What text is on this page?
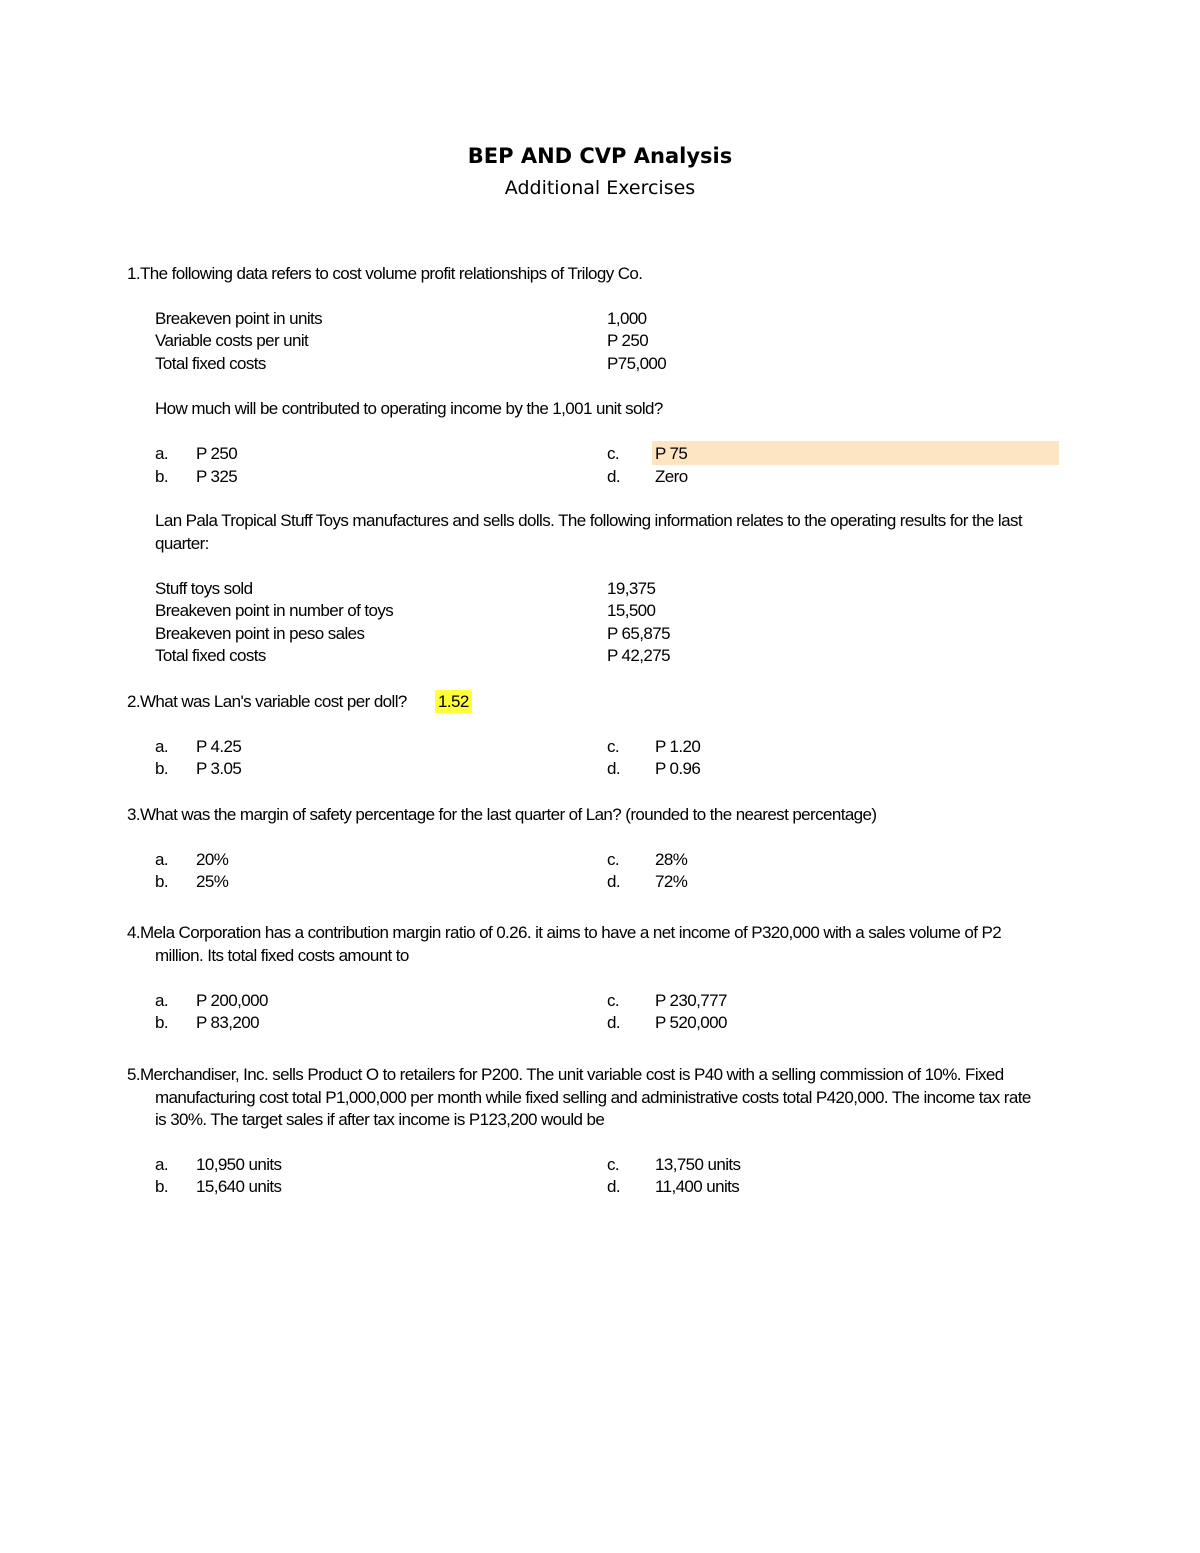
BEP AND CVP Analysis
Additional Exercises
1.The following data refers to cost volume profit relationships of Trilogy Co.
Breakeven point in units	1,000
Variable costs per unit	P 250
Total fixed costs	P75,000
How much will be contributed to operating income by the 1,001 unit sold?
a. P 250
b. P 325
c. P 75
d. Zero
Lan Pala Tropical Stuff Toys manufactures and sells dolls. The following information relates to the operating results for the last quarter:
Stuff toys sold	19,375
Breakeven point in number of toys	15,500
Breakeven point in peso sales	P 65,875
Total fixed costs	P 42,275
2.What was Lan's variable cost per doll? 1.52
a. P 4.25
b. P 3.05
c. P 1.20
d. P 0.96
3.What was the margin of safety percentage for the last quarter of Lan? (rounded to the nearest percentage)
a. 20%
b. 25%
c. 28%
d. 72%
4.Mela Corporation has a contribution margin ratio of 0.26. it aims to have a net income of P320,000 with a sales volume of P2
million. Its total fixed costs amount to
a. P 200,000
b. P 83,200
c. P 230,777
d. P 520,000
5.Merchandiser, Inc. sells Product O to retailers for P200. The unit variable cost is P40 with a selling commission of 10%. Fixed
manufacturing cost total P1,000,000 per month while fixed selling and administrative costs total P420,000. The income tax rate
is 30%. The target sales if after tax income is P123,200 would be
a. 10,950 units
b. 15,640 units
c. 13,750 units
d. 11,400 units
